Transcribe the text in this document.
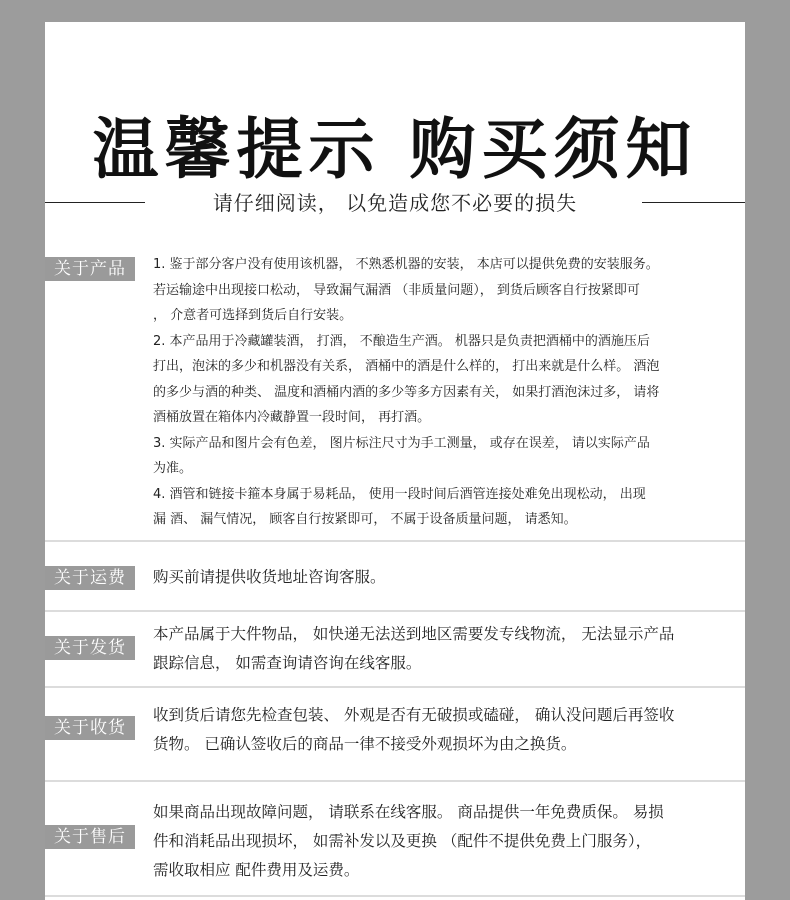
温馨提示 购买须知
请仔细阅读， 以免造成您不必要的损失
关于产品	1. 鉴于部分客户没有使用该机器， 不熟悉机器的安装， 本店可以提供免费的安装服务。

若运输途中出现接口松动， 导致漏气漏酒 （非质量问题）， 到货后顾客自行按紧即可

， 介意者可选择到货后自行安装。

2. 本产品用于冷藏罐装酒， 打酒， 不酿造生产酒。 机器只是负责把酒桶中的酒施压后

打出，泡沫的多少和机器没有关系， 酒桶中的酒是什么样的， 打出来就是什么样。 酒泡

的多少与酒的种类、 温度和酒桶内酒的多少等多方因素有关， 如果打酒泡沫过多， 请将

酒桶放置在箱体内冷藏静置一段时间， 再打酒。

3. 实际产品和图片会有色差， 图片标注尺寸为手工测量， 或存在误差， 请以实际产品

为准。

4. 酒管和链接卡箍本身属于易耗品， 使用一段时间后酒管连接处难免出现松动， 出现

漏 酒、 漏气情况， 顾客自行按紧即可， 不属于设备质量问题， 请悉知。

关于运费	购买前请提供收货地址咨询客服。

关于发货

本产品属于大件物品， 如快递无法送到地区需要发专线物流， 无法显示产品

跟踪信息， 如需查询请咨询在线客服。

关于收货

收到货后请您先检查包装、 外观是否有无破损或磕碰， 确认没问题后再签收

货物。 已确认签收后的商品一律不接受外观损坏为由之换货。

关于售后

如果商品出现故障问题， 请联系在线客服。 商品提供一年免费质保。 易损

件和消耗品出现损坏， 如需补发以及更换 （配件不提供免费上门服务），

需收取相应 配件费用及运费。
